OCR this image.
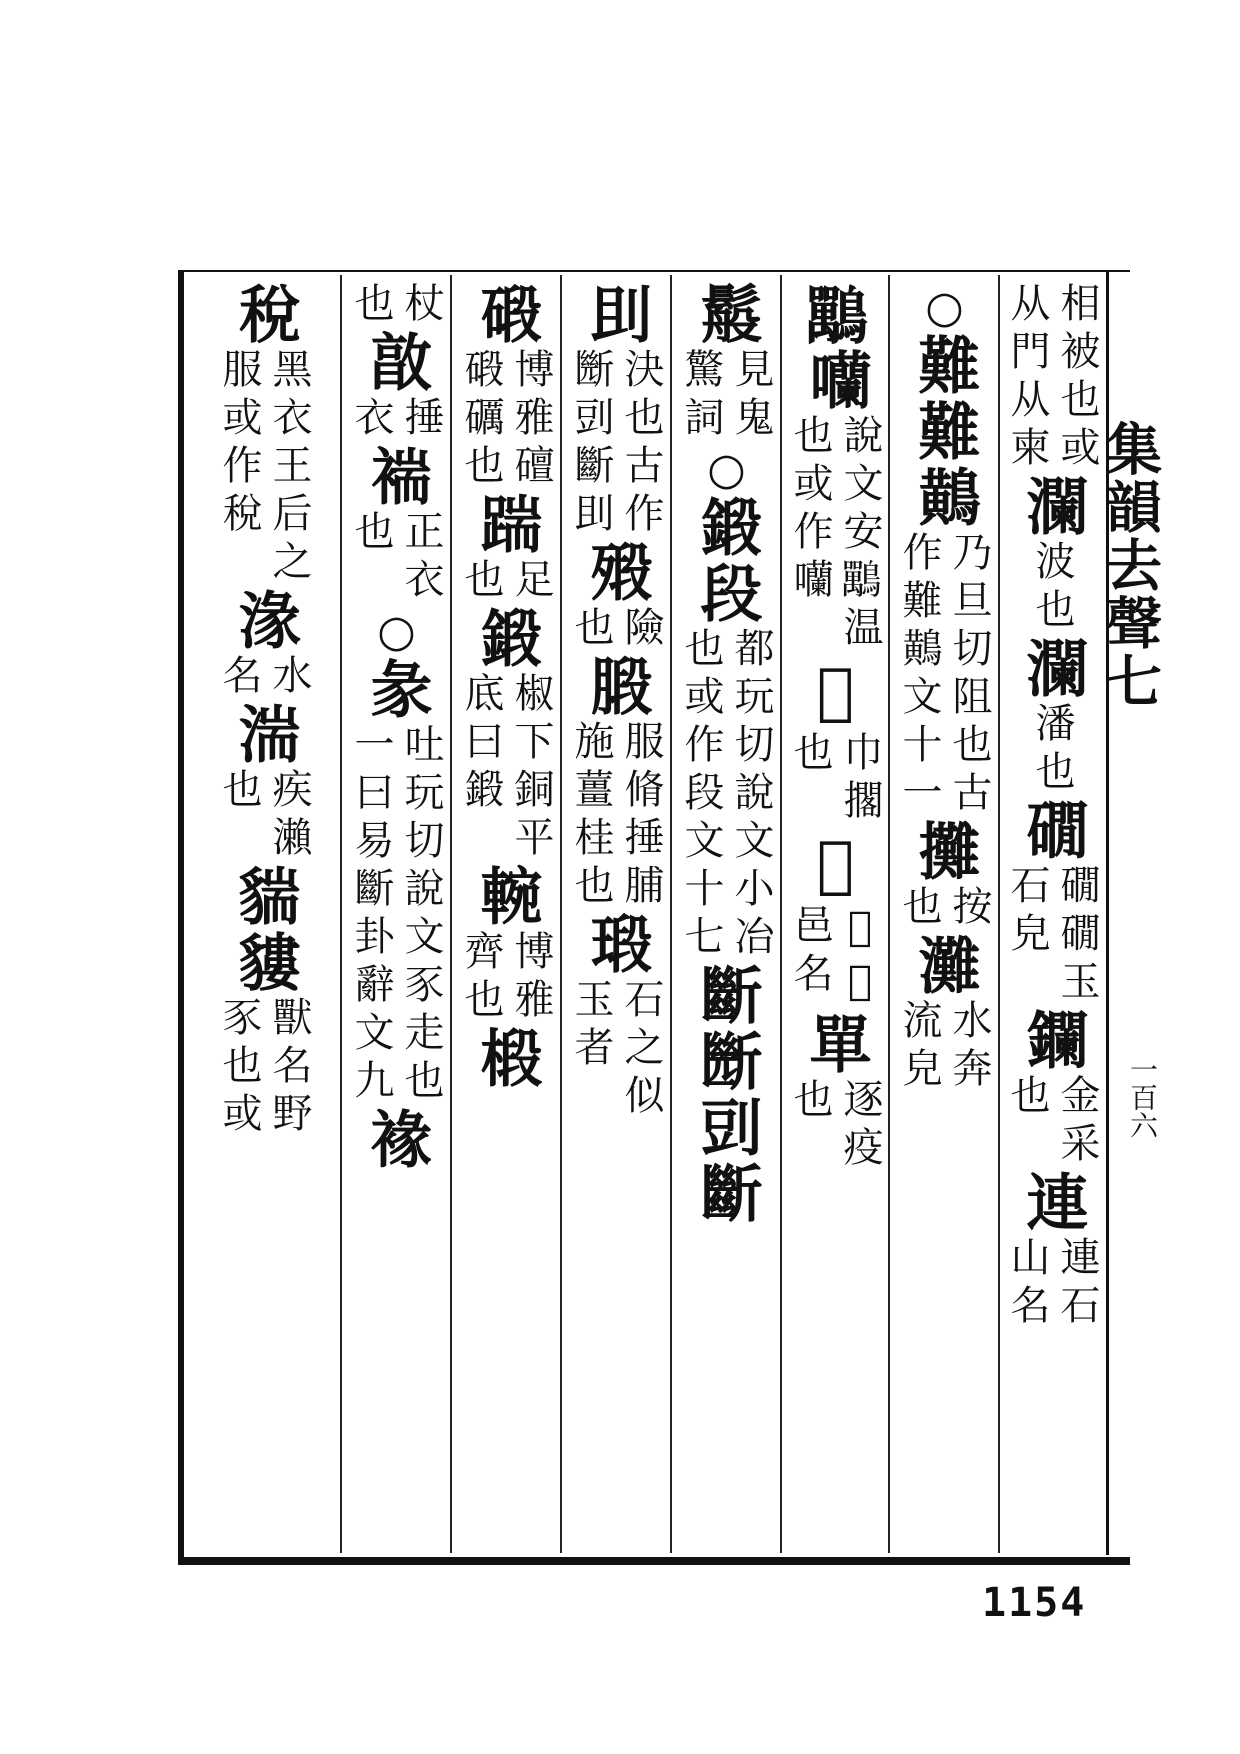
相被也或
从門从柬
瀾
波也
瀾
潘也
礀
礀礀玉
石皃
鑭
金采
也
連
連石
山名
○
難
難
鷬
乃旦切阻也古
作難鷬文十一
攤
按
也
灘
水奔
流皃
𪈀
囒
說文安𪈀温
也或作囒
𢢷
巾擱
也
𡀪
𡀪狐
邑名
單
逐疫
也
䰉
見鬼
驚詞
○
鍛
段
都玩切說文小冶
也或作段文十七
斷
㫁
剅
斷
刞
決也古作
㫁剅斷刞
㱭
險
也
腶
服脩捶脯
施薑桂也
瑖
石之似
玉者
碫
博雅䃪
碫礪也
踹
足
也
鍛
椒下銅平
底曰鍛
䡝
博雅
齊也
椴
杖
也
㪟
捶
衣
褍
正衣
也
○
彖
吐玩切說文豕走也
一曰易斷卦辭文九
褖
稅
黑衣王后之
服或作稅
湪
水
名
湍
疾瀨
也
貒
貗
獸名野
豕也或
集韻去聲七
一百六
1154
